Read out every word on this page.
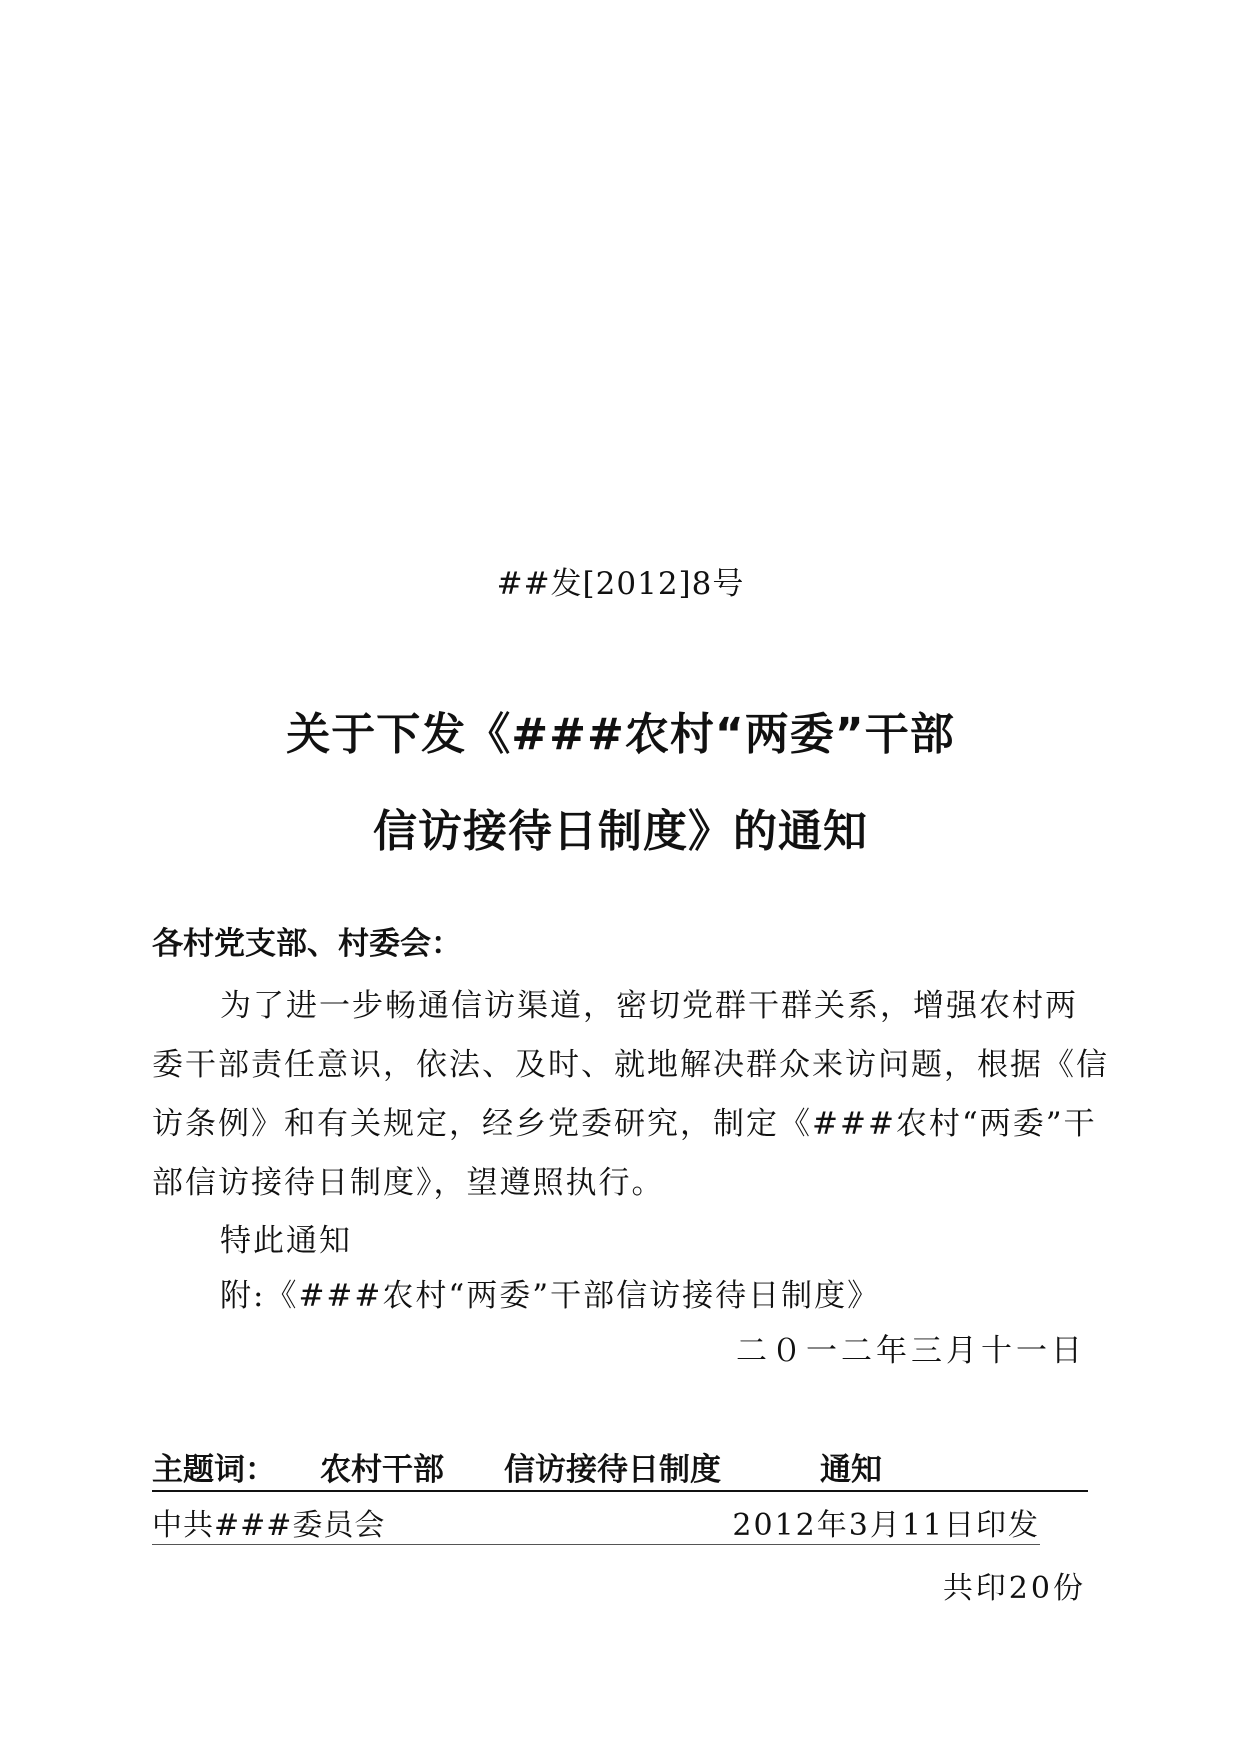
##发[2012]8号
关于下发《###农村“两委”干部
信访接待日制度》的通知
各村党支部、村委会：
为了进一步畅通信访渠道，密切党群干群关系，增强农村两
委干部责任意识，依法、及时、就地解决群众来访问题，根据《信
访条例》和有关规定，经乡党委研究，制定《###农村“两委”干
部信访接待日制度》，望遵照执行。
特此通知
附:《###农村“两委”干部信访接待日制度》
二０一二年三月十一日
主题词： 农村干部 信访接待日制度	通知
中共###委员会	2012年3月11日印发
共印20份
